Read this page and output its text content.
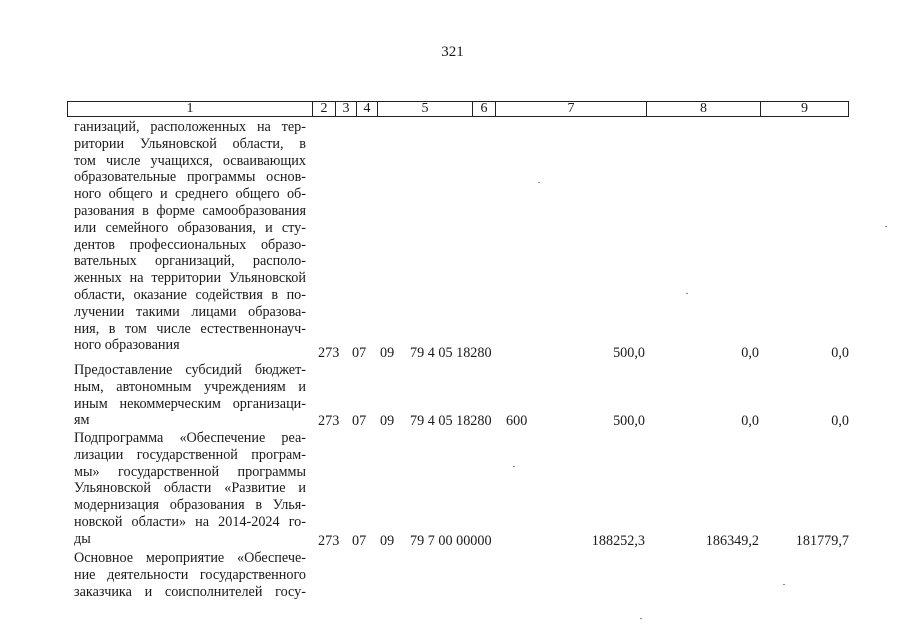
321
1	2	3	4	5	6	7	8	9
ганизаций, расположенных на тер-
ритории Ульяновской области, в
том числе учащихся, осваивающих
образовательные программы основ-
ного общего и среднего общего об-
разования в форме самообразования
или семейного образования, и сту-
дентов профессиональных образо-
вательных организаций, располо-
женных на территории Ульяновской
области, оказание содействия в по-
лучении такими лицами образова-
ния, в том числе естественнонауч-
ного образования	273 07 09 79 4 05 18280	500,0	0,0	0,0
Предоставление субсидий бюджет-
ным, автономным учреждениям и
иным некоммерческим организаци-
ям	273 07 09 79 4 05 18280 600	500,0	0,0	0,0
Подпрограмма «Обеспечение реа-
лизации государственной програм-
мы» государственной программы
Ульяновской области «Развитие и
модернизация образования в Улья-
новской области» на 2014-2024 го-
ды	273 07 09 79 7 00 00000	188252,3	186349,2	181779,7
Основное мероприятие «Обеспече-
ние деятельности государственного
заказчика и соисполнителей госу-
